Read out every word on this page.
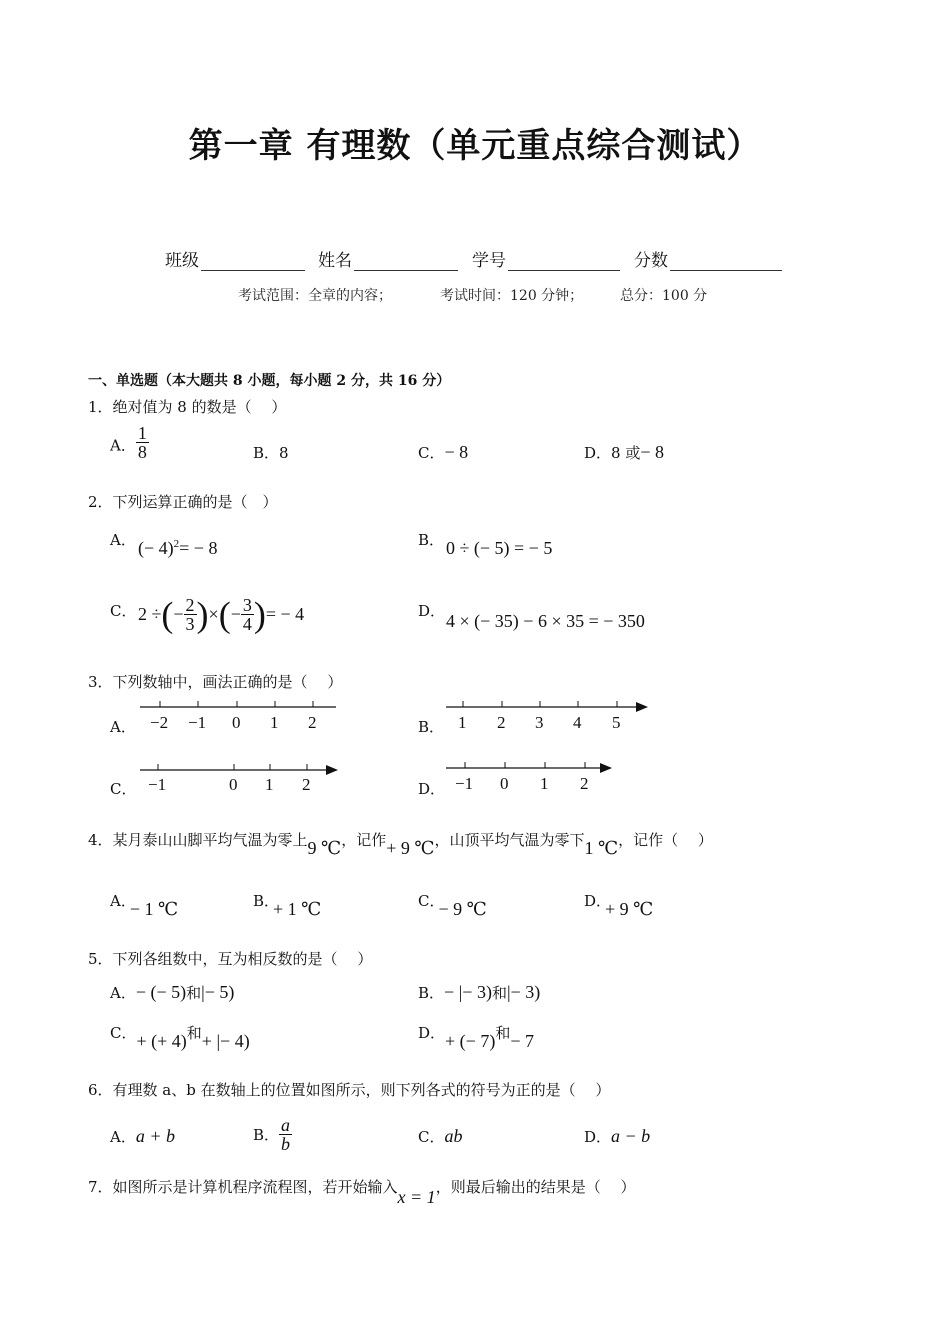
第一章 有理数（单元重点综合测试）
班级	姓名	学号	分数
考试范围：全章的内容；	考试时间：120 分钟；	总分：100 分
一、单选题（本大题共 8 小题，每小题 2 分，共 16 分）
1．绝对值为 8 的数是（　 ）
A． $\frac{1}{8}$	B．8	C．− 8	D．8 或− 8
2．下列运算正确的是（　）
A． (− 4)$^2$= − 8	B． 0 ÷ (− 5) = − 5
C． 2 ÷(− $\frac{2}{3}$ )×(− $\frac{3}{4}$ )= − 4	D． 4 × (− 35) − 6 × 35 = − 350
3．下列数轴中，画法正确的是（　 ）
A．	B．
C．	D．
−2 −1 0 1 2	1 2 3 4 5
−1	0 1 2	−1 0 1 2
4．某月泰山山脚平均气温为零上9 ℃，记作+ 9 ℃，山顶平均气温为零下1 ℃，记作（　 ）
A．− 1 ℃	B．+ 1 ℃	C．− 9 ℃	D．+ 9 ℃
5．下列各组数中，互为相反数的是（　 ）
A．− (− 5)和|− 5)	B．− |− 3)和|− 3)
C．+ (+ 4)和+ |− 4)	D．+ (− 7)和− 7
6．有理数 a、b 在数轴上的位置如图所示，则下列各式的符号为正的是（　 ）
A．a + b	B． $\frac{a}{b}$	C．ab	D．a − b
7．如图所示是计算机程序流程图，若开始输入x = 1，则最后输出的结果是（　 ）
